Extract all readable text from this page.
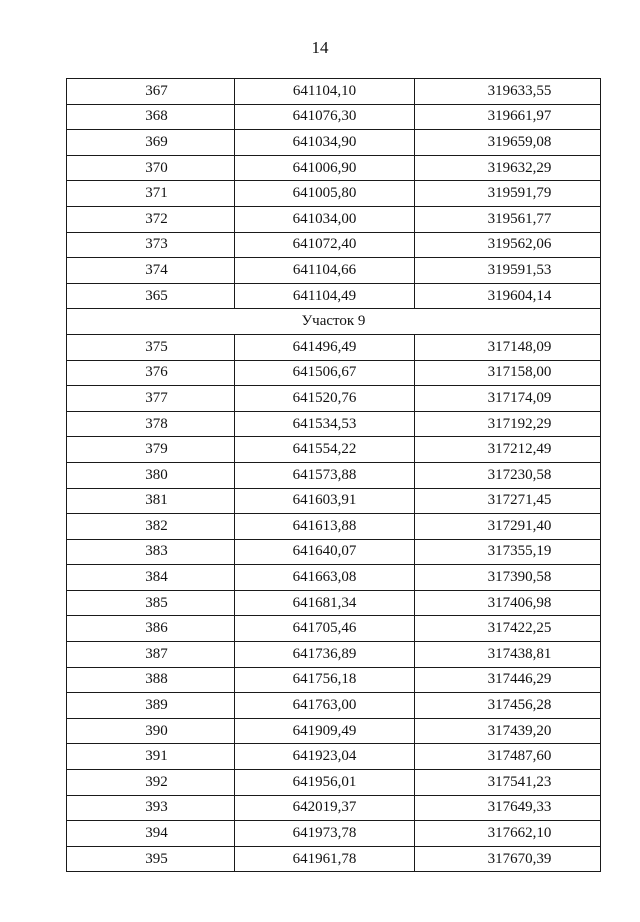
14
367	641104,10	319633,55
368	641076,30	319661,97
369	641034,90	319659,08
370	641006,90	319632,29
371	641005,80	319591,79
372	641034,00	319561,77
373	641072,40	319562,06
374	641104,66	319591,53
365	641104,49	319604,14
Участок 9		
375	641496,49	317148,09
376	641506,67	317158,00
377	641520,76	317174,09
378	641534,53	317192,29
379	641554,22	317212,49
380	641573,88	317230,58
381	641603,91	317271,45
382	641613,88	317291,40
383	641640,07	317355,19
384	641663,08	317390,58
385	641681,34	317406,98
386	641705,46	317422,25
387	641736,89	317438,81
388	641756,18	317446,29
389	641763,00	317456,28
390	641909,49	317439,20
391	641923,04	317487,60
392	641956,01	317541,23
393	642019,37	317649,33
394	641973,78	317662,10
395	641961,78	317670,39
